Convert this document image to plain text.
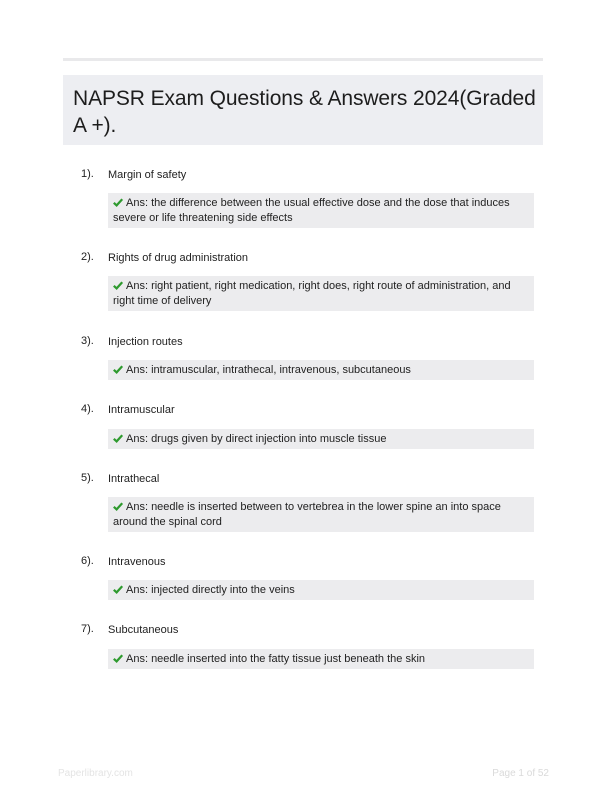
NAPSR Exam Questions & Answers 2024(Graded A +).
1). Margin of safety
Ans: the difference between the usual effective dose and the dose that induces severe or life threatening side effects
2). Rights of drug administration
Ans: right patient, right medication, right does, right route of administration, and right time of delivery
3). Injection routes
Ans: intramuscular, intrathecal, intravenous, subcutaneous
4). Intramuscular
Ans: drugs given by direct injection into muscle tissue
5). Intrathecal
Ans: needle is inserted between to vertebrea in the lower spine an into space around the spinal cord
6). Intravenous
Ans: injected directly into the veins
7). Subcutaneous
Ans: needle inserted into the fatty tissue just beneath the skin
Paperlibrary.com	Page 1 of 52
